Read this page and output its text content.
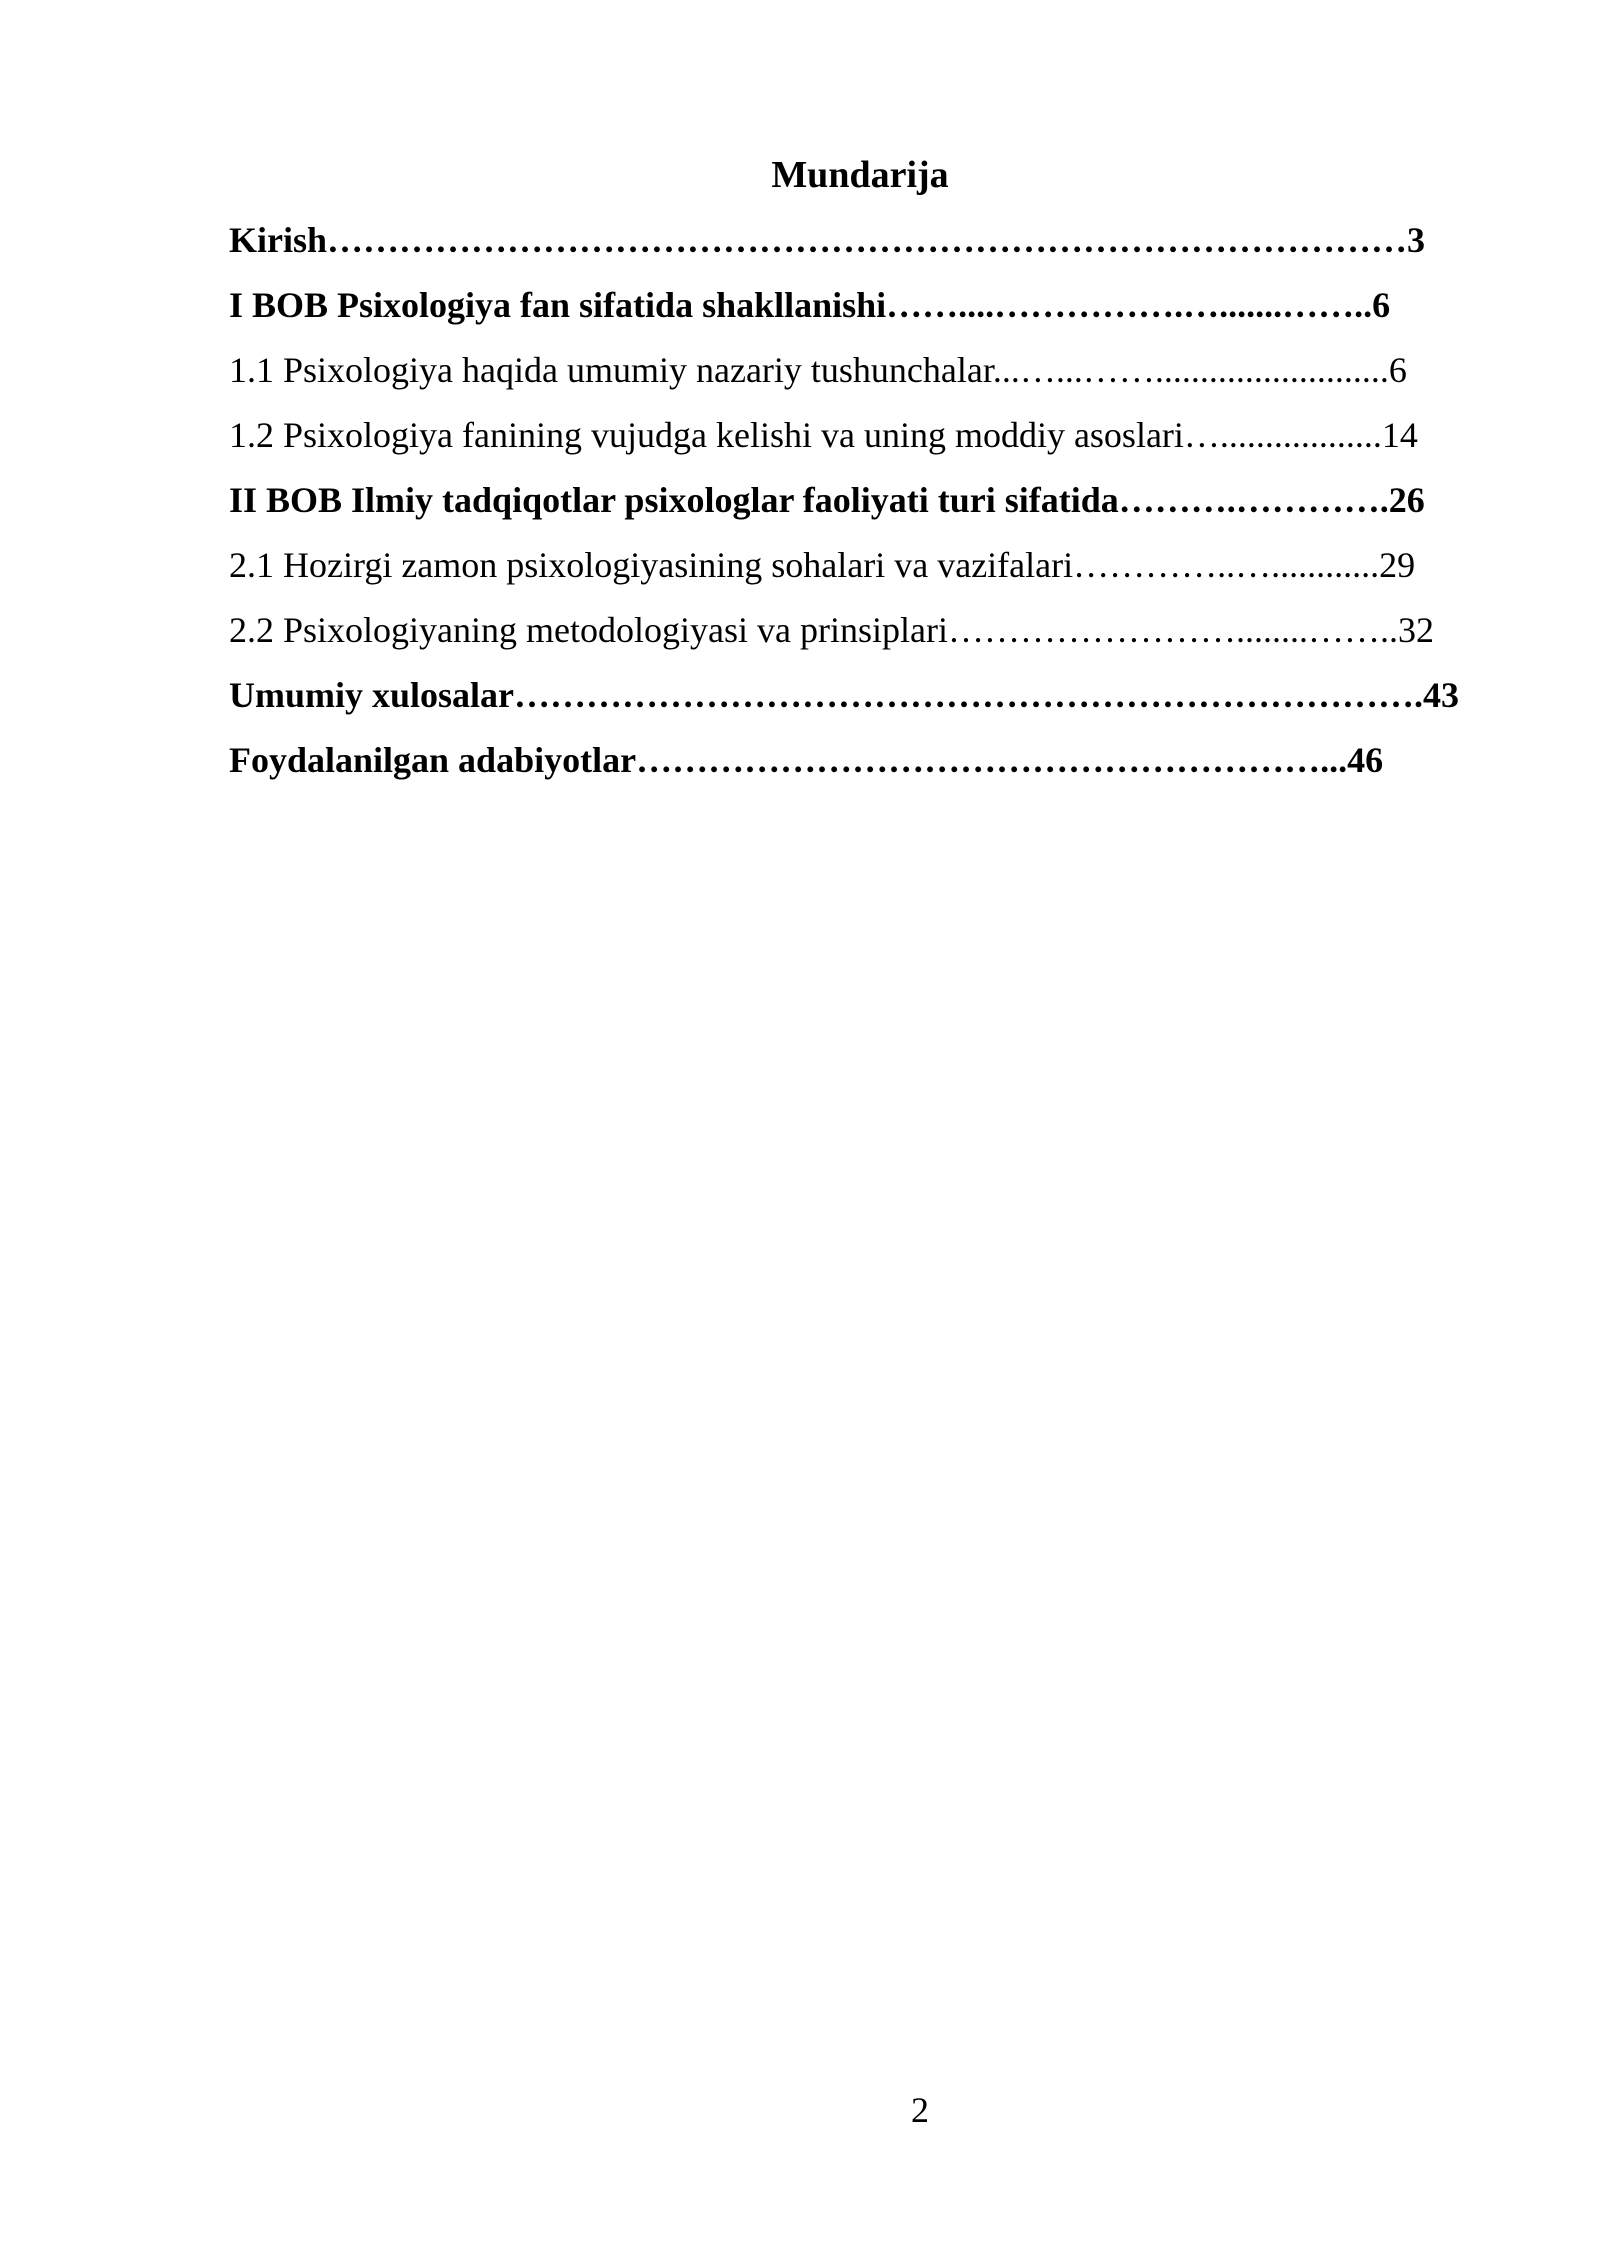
Mundarija
Kirish………………………………………………………………………………3
I BOB Psixologiya fan sifatida shakllanishi……....…………….….......……..6
1.1 Psixologiya haqida umumiy nazariy tushunchalar...…...……..........................6
1.2 Psixologiya fanining vujudga kelishi va uning moddiy asoslari…..................14
II BOB Ilmiy tadqiqotlar psixologlar faoliyati turi sifatida……….………….26
2.1 Hozirgi zamon psixologiyasining sohalari va vazifalari…………..…............29
2.2 Psixologiyaning metodologiyasi va prinsiplari……………………........……..32
Umumiy xulosalar………………………………………………………………….43
Foydalanilgan adabiyotlar…………………………………………………...46
2
